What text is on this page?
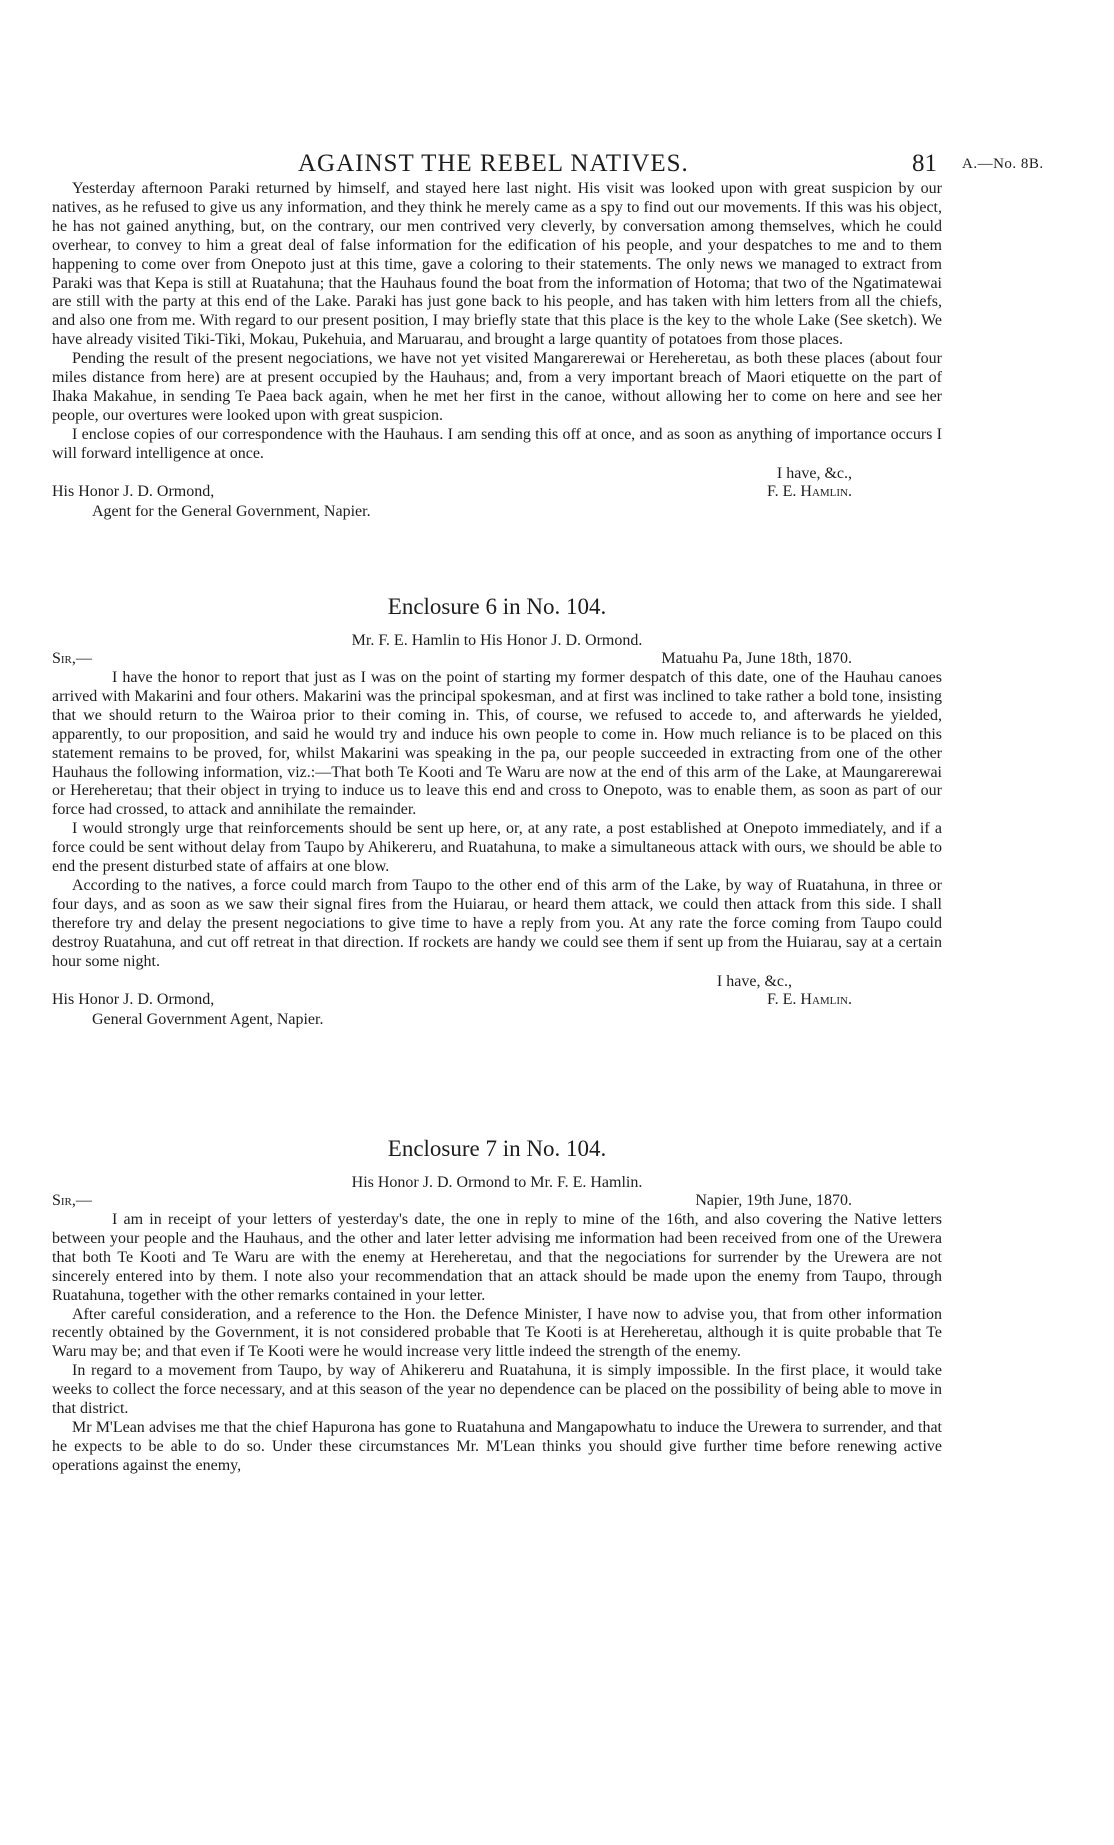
AGAINST THE REBEL NATIVES.	81 A.—No. 8B.

Yesterday afternoon Paraki returned by himself, and stayed here last night. His visit was looked upon with great suspicion by our natives, as he refused to give us any information, and they think he merely came as a spy to find out our movements. If this was his object, he has not gained anything, but, on the contrary, our men contrived very cleverly, by conversation among themselves, which he could overhear, to convey to him a great deal of false information for the edification of his people, and your despatches to me and to them happening to come over from Onepoto just at this time, gave a coloring to their statements. The only news we managed to extract from Paraki was that Kepa is still at Ruatahuna; that the Hauhaus found the boat from the information of Hotoma; that two of the Ngatimatewai are still with the party at this end of the Lake. Paraki has just gone back to his people, and has taken with him letters from all the chiefs, and also one from me. With regard to our present position, I may briefly state that this place is the key to the whole Lake (See sketch). We have already visited Tiki-Tiki, Mokau, Pukehuia, and Maruarau, and brought a large quantity of potatoes from those places.

Pending the result of the present negociations, we have not yet visited Mangarerewai or Hereheretau, as both these places (about four miles distance from here) are at present occupied by the Hauhaus; and, from a very important breach of Maori etiquette on the part of Ihaka Makahue, in sending Te Paea back again, when he met her first in the canoe, without allowing her to come on here and see her people, our overtures were looked upon with great suspicion.

I enclose copies of our correspondence with the Hauhaus. I am sending this off at once, and as soon as anything of importance occurs I will forward intelligence at once.

I have, &c.,
His Honor J. D. Ormond,	F. E. Hamlin.
Agent for the General Government, Napier.

Enclosure 6 in No. 104.

Mr. F. E. Hamlin to His Honor J. D. Ormond.

Sir,—	Matuahu Pa, June 18th, 1870.

I have the honor to report that just as I was on the point of starting my former despatch of this date, one of the Hauhau canoes arrived with Makarini and four others. Makarini was the principal spokesman, and at first was inclined to take rather a bold tone, insisting that we should return to the Wairoa prior to their coming in. This, of course, we refused to accede to, and afterwards he yielded, apparently, to our proposition, and said he would try and induce his own people to come in. How much reliance is to be placed on this statement remains to be proved, for, whilst Makarini was speaking in the pa, our people succeeded in extracting from one of the other Hauhaus the following information, viz.:—That both Te Kooti and Te Waru are now at the end of this arm of the Lake, at Maungarerewai or Hereheretau; that their object in trying to induce us to leave this end and cross to Onepoto, was to enable them, as soon as part of our force had crossed, to attack and annihilate the remainder.

I would strongly urge that reinforcements should be sent up here, or, at any rate, a post established at Onepoto immediately, and if a force could be sent without delay from Taupo by Ahikereru, and Ruatahuna, to make a simultaneous attack with ours, we should be able to end the present disturbed state of affairs at one blow.

According to the natives, a force could march from Taupo to the other end of this arm of the Lake, by way of Ruatahuna, in three or four days, and as soon as we saw their signal fires from the Huiarau, or heard them attack, we could then attack from this side. I shall therefore try and delay the present negociations to give time to have a reply from you. At any rate the force coming from Taupo could destroy Ruatahuna, and cut off retreat in that direction. If rockets are handy we could see them if sent up from the Huiarau, say at a certain hour some night.

I have, &c.,
His Honor J. D. Ormond,	F. E. Hamlin.
General Government Agent, Napier.

Enclosure 7 in No. 104.

His Honor J. D. Ormond to Mr. F. E. Hamlin.

Sir,—	Napier, 19th June, 1870.

I am in receipt of your letters of yesterday's date, the one in reply to mine of the 16th, and also covering the Native letters between your people and the Hauhaus, and the other and later letter advising me information had been received from one of the Urewera that both Te Kooti and Te Waru are with the enemy at Hereheretau, and that the negociations for surrender by the Urewera are not sincerely entered into by them. I note also your recommendation that an attack should be made upon the enemy from Taupo, through Ruatahuna, together with the other remarks contained in your letter.

After careful consideration, and a reference to the Hon. the Defence Minister, I have now to advise you, that from other information recently obtained by the Government, it is not considered probable that Te Kooti is at Hereheretau, although it is quite probable that Te Waru may be; and that even if Te Kooti were he would increase very little indeed the strength of the enemy.

In regard to a movement from Taupo, by way of Ahikereru and Ruatahuna, it is simply impossible. In the first place, it would take weeks to collect the force necessary, and at this season of the year no dependence can be placed on the possibility of being able to move in that district.

Mr M'Lean advises me that the chief Hapurona has gone to Ruatahuna and Mangapowhatu to induce the Urewera to surrender, and that he expects to be able to do so. Under these circumstances Mr. M'Lean thinks you should give further time before renewing active operations against the enemy,
